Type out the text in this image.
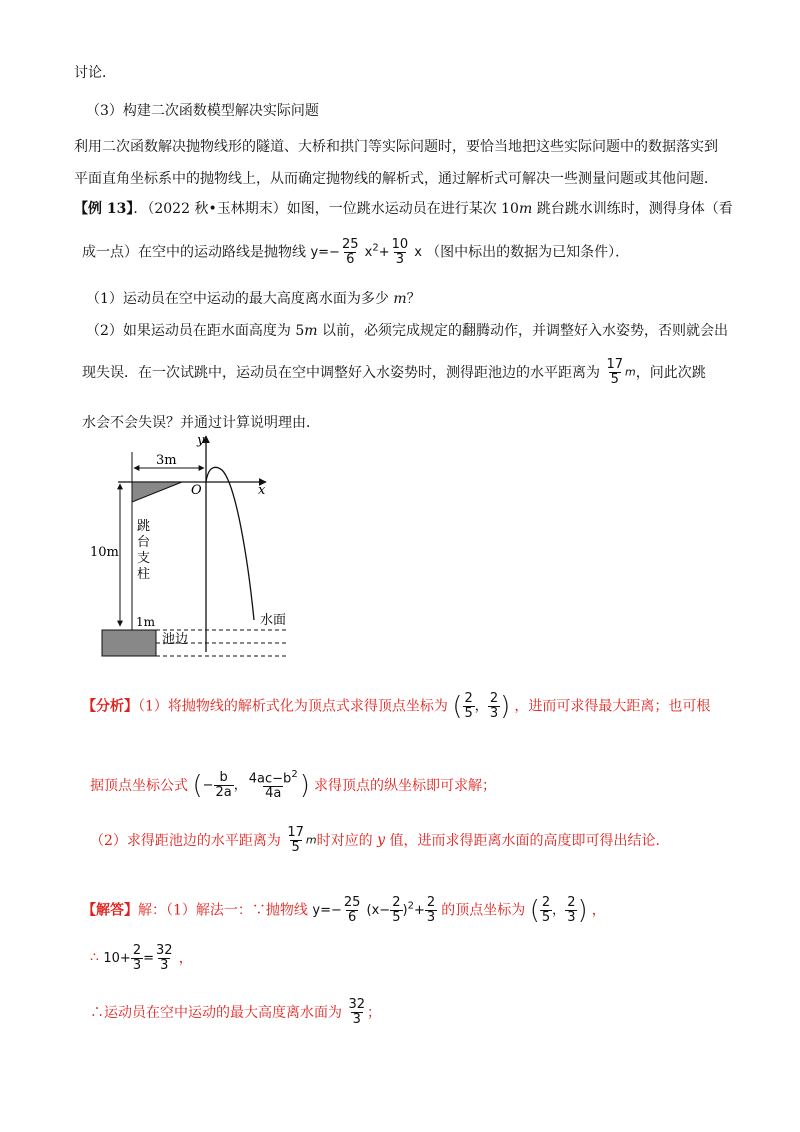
讨论．
（3）构建二次函数模型解决实际问题
利用二次函数解决抛物线形的隧道、大桥和拱门等实际问题时，要恰当地把这些实际问题中的数据落实到
平面直角坐标系中的抛物线上，从而确定抛物线的解析式，通过解析式可解决一些测量问题或其他问题．
【例 13】．（2022 秋•玉林期末）如图，一位跳水运动员在进行某次 10m 跳台跳水训练时，测得身体（看
成一点）在空中的运动路线是抛物线 $y=- \frac{25}{6} x^2+ \frac{10}{3}$ x （图中标出的数据为已知条件）．
（1）运动员在空中运动的最大高度离水面为多少 m？
（2）如果运动员在距水面高度为 5m 以前，必须完成规定的翻腾动作，并调整好入水姿势，否则就会出
现失误．在一次试跳中，运动员在空中调整好入水姿势时，测得距池边的水平距离为 $\frac{17}{5}$ m，问此次跳
水会不会失误？并通过计算说明理由．
y
x
O
3m
10m
跳
台
支
柱
1m
池边
水面
【分析】（1）将抛物线的解析式化为顶点式求得顶点坐标为 ( $\frac{2}{5}$ ， $\frac{2}{3}$ ) ，进而可求得最大距离；也可根
据顶点坐标公式 (− $\frac{b}{2a}$ ， $\frac{4ac-b^2}{4a}$ ) 求得顶点的纵坐标即可求解；
（2）求得距池边的水平距离为 $\frac{17}{5}$ m时对应的 y 值，进而求得距离水面的高度即可得出结论．
【解答】解：（1）解法一：∵抛物线 $y=- \frac{25}{6} (x- \frac{2}{5} )^2+ \frac{2}{3}$ 的顶点坐标为 ( $\frac{2}{5}$ ， $\frac{2}{3}$ ) ，
∴ $10+ \frac{2}{3} = \frac{32}{3}$ ，
∴运动员在空中运动的最大高度离水面为 $\frac{32}{3}$ ；
